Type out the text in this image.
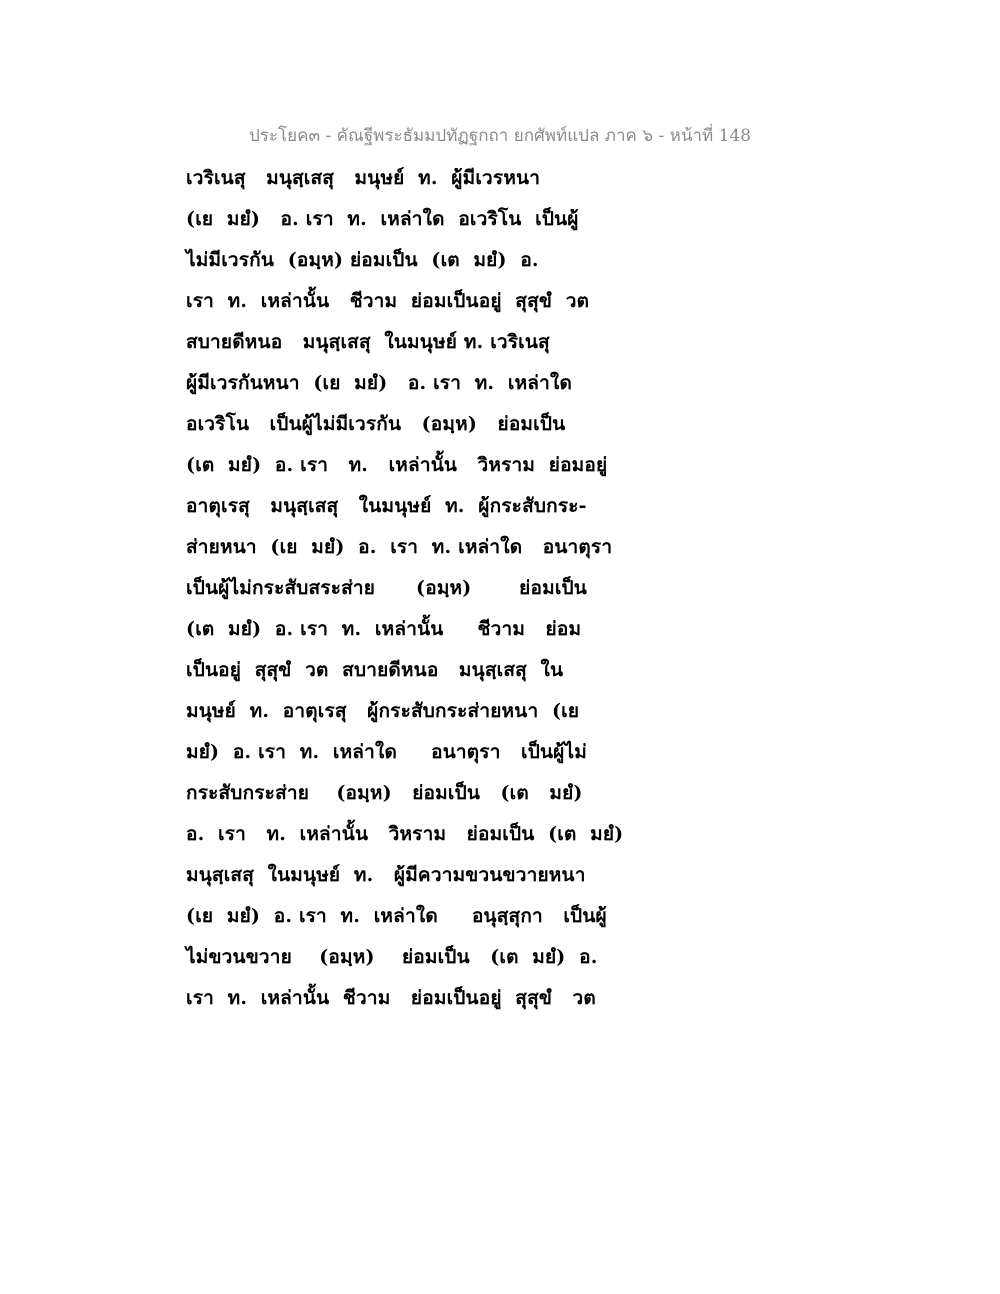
ประโยค๓ - คัณฐีพระธัมมปทัฏฐกถา ยกศัพท์แปล ภาค ๖ - หน้าที่ 148
เวริเนสุ   มนุสฺเสสุ   มนุษย์  ท.  ผู้มีเวรหนา
(เย  มยํ)   อ. เรา  ท.  เหล่าใด  อเวริโน  เป็นผู้
ไม่มีเวรกัน  (อมฺห) ย่อมเป็น  (เต  มยํ)  อ.
เรา  ท.  เหล่านั้น   ชีวาม  ย่อมเป็นอยู่  สุสุขํ  วต
สบายดีหนอ   มนุสฺเสสุ  ในมนุษย์ ท. เวริเนสุ
ผู้มีเวรกันหนา  (เย  มยํ)   อ. เรา  ท.  เหล่าใด
อเวริโน   เป็นผู้ไม่มีเวรกัน   (อมฺห)   ย่อมเป็น
(เต  มยํ)  อ. เรา   ท.   เหล่านั้น   วิหราม  ย่อมอยู่
อาตุเรสุ   มนุสฺเสสุ   ในมนุษย์  ท.  ผู้กระสับกระ-
ส่ายหนา  (เย  มยํ)  อ.  เรา  ท. เหล่าใด   อนาตุรา
เป็นผู้ไม่กระสับสระส่าย      (อมฺห)       ย่อมเป็น
(เต  มยํ)  อ. เรา  ท.  เหล่านั้น     ชีวาม   ย่อม
เป็นอยู่  สุสุขํ  วต  สบายดีหนอ   มนุสฺเสสุ  ใน
มนุษย์  ท.  อาตุเรสุ   ผู้กระสับกระส่ายหนา  (เย
มยํ)  อ. เรา  ท.  เหล่าใด     อนาตุรา   เป็นผู้ไม่
กระสับกระส่าย    (อมฺห)   ย่อมเป็น   (เต   มยํ)
อ.  เรา   ท.  เหล่านั้น   วิหราม   ย่อมเป็น  (เต  มยํ)
มนุสฺเสสุ  ในมนุษย์  ท.   ผู้มีความขวนขวายหนา
(เย  มยํ)  อ. เรา  ท.  เหล่าใด     อนุสฺสุกา   เป็นผู้
ไม่ขวนขวาย    (อมฺห)    ย่อมเป็น   (เต  มยํ)  อ.
เรา  ท.  เหล่านั้น  ชีวาม   ย่อมเป็นอยู่  สุสุขํ   วต
